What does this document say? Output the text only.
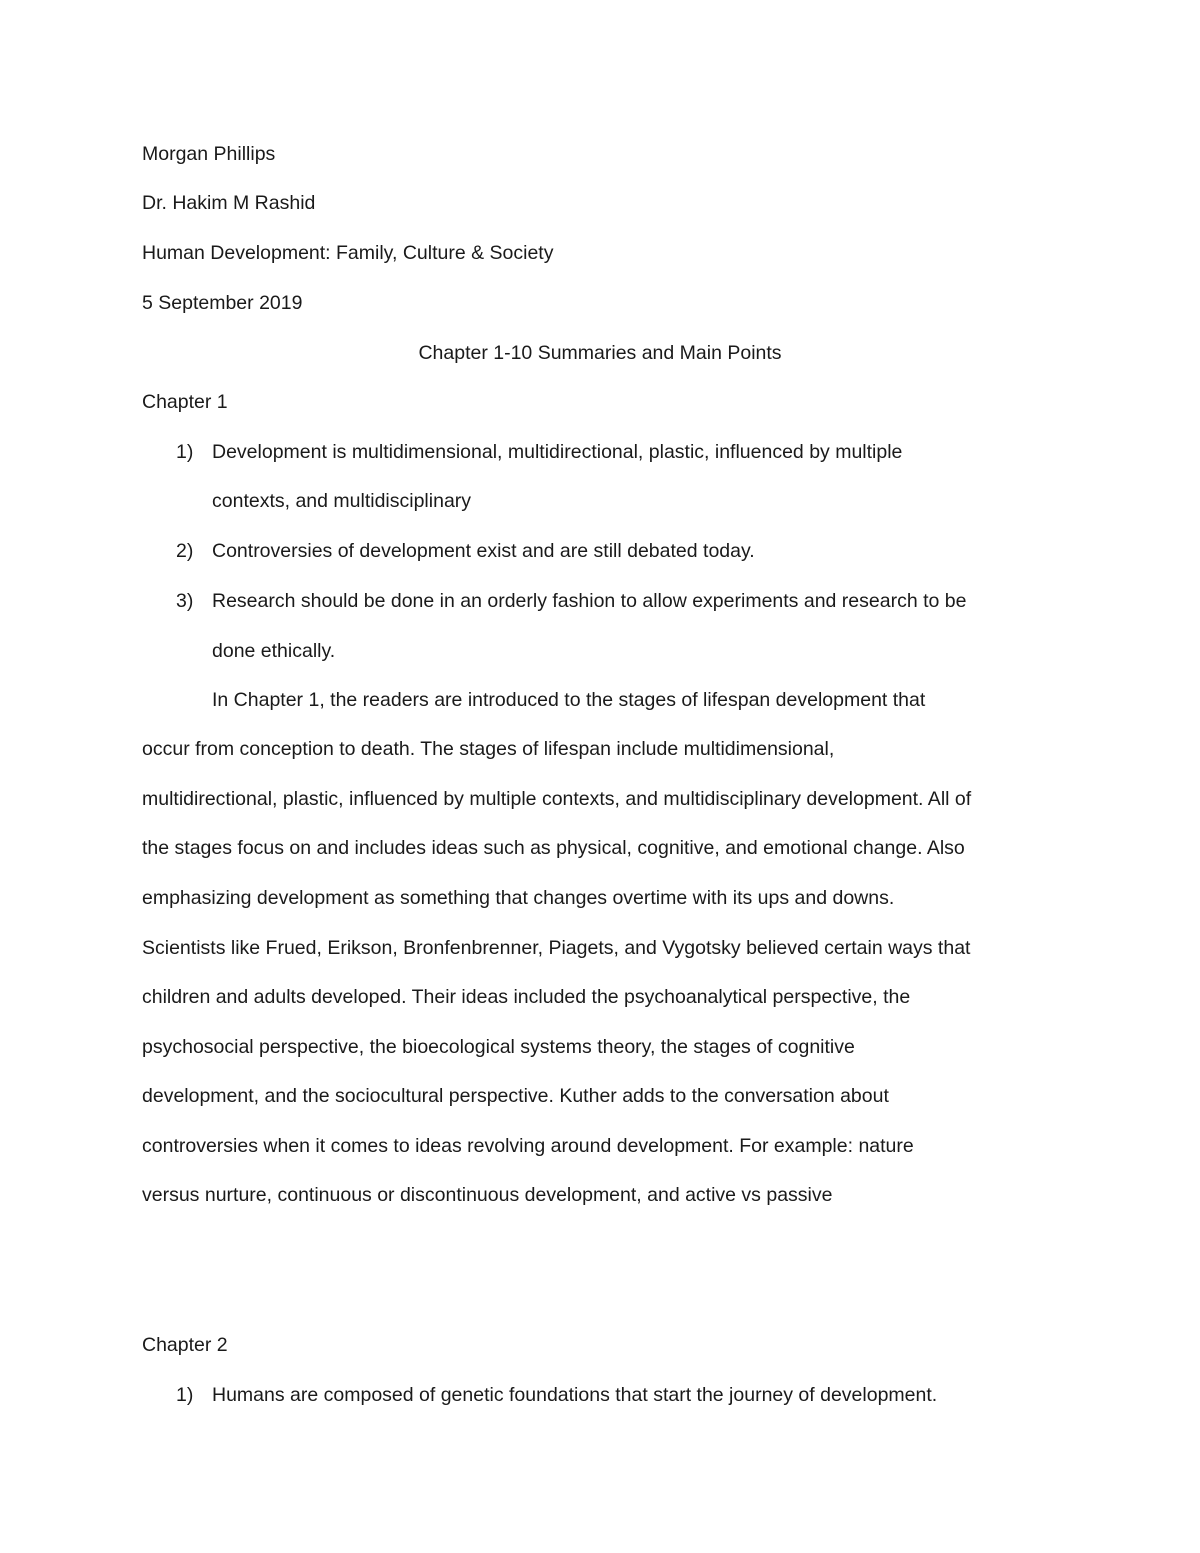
Morgan Phillips
Dr. Hakim M Rashid
Human Development: Family, Culture & Society
5 September 2019
Chapter 1-10 Summaries and Main Points
Chapter 1
1) Development is multidimensional, multidirectional, plastic, influenced by multiple
contexts, and multidisciplinary
2) Controversies of development exist and are still debated today.
3) Research should be done in an orderly fashion to allow experiments and research to be
done ethically.
In Chapter 1, the readers are introduced to the stages of lifespan development that
occur from conception to death. The stages of lifespan include multidimensional,
multidirectional, plastic, influenced by multiple contexts, and multidisciplinary development. All of
the stages focus on and includes ideas such as physical, cognitive, and emotional change. Also
emphasizing development as something that changes overtime with its ups and downs.
Scientists like Frued, Erikson, Bronfenbrenner, Piagets, and Vygotsky believed certain ways that
children and adults developed. Their ideas included the psychoanalytical perspective, the
psychosocial perspective, the bioecological systems theory, the stages of cognitive
development, and the sociocultural perspective. Kuther adds to the conversation about
controversies when it comes to ideas revolving around development. For example: nature
versus nurture, continuous or discontinuous development, and active vs passive
Chapter 2
1) Humans are composed of genetic foundations that start the journey of development.
